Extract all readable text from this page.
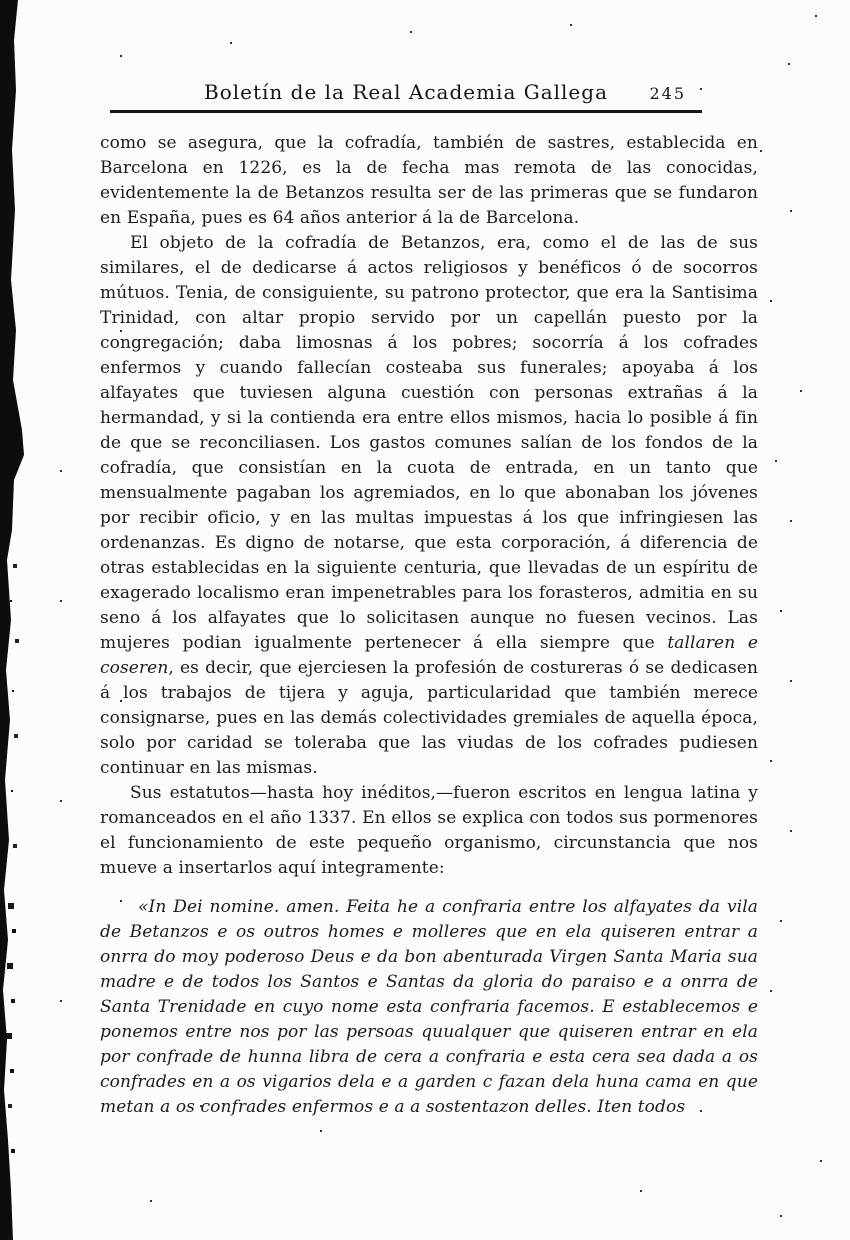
Boletín de la Real Academia Gallega	245

como se asegura, que la cofradía, también de sastres, establecida en Barcelona en 1226, es la de fecha mas remota de las conocidas, evidentemente la de Betanzos resulta ser de las primeras que se fundaron en España, pues es 64 años anterior á la de Barcelona.

El objeto de la cofradía de Betanzos, era, como el de las de sus similares, el de dedicarse á actos religiosos y benéficos ó de socorros mútuos. Tenia, de consiguiente, su patrono protector, que era la Santisima Trinidad, con altar propio servido por un capellán puesto por la congregación; daba limosnas á los pobres; socorría á los cofrades enfermos y cuando fallecían costeaba sus funerales; apoyaba á los alfayates que tuviesen alguna cuestión con personas extrañas á la hermandad, y si la contienda era entre ellos mismos, hacia lo posible á fin de que se reconciliasen. Los gastos comunes salían de los fondos de la cofradía, que consistían en la cuota de entrada, en un tanto que mensualmente pagaban los agremiados, en lo que abonaban los jóvenes por recibir oficio, y en las multas impuestas á los que infringiesen las ordenanzas. Es digno de notarse, que esta corporación, á diferencia de otras establecidas en la siguiente centuria, que llevadas de un espíritu de exagerado localismo eran impenetrables para los forasteros, admitia en su seno á los alfayates que lo solicitasen aunque no fuesen vecinos. Las mujeres podian igualmente pertenecer á ella siempre que tallaren e coseren, es decir, que ejerciesen la profesión de costureras ó se dedicasen á los trabajos de tijera y aguja, particularidad que también merece consignarse, pues en las demás colectividades gremiales de aquella época, solo por caridad se toleraba que las viudas de los cofrades pudiesen continuar en las mismas.

Sus estatutos—hasta hoy inéditos,—fueron escritos en lengua latina y romanceados en el año 1337. En ellos se explica con todos sus pormenores el funcionamiento de este pequeño organismo, circunstancia que nos mueve a insertarlos aquí integramente:

«In Dei nomine. amen. Feita he a confraria entre los alfayates da vila de Betanzos e os outros homes e molleres que en ela quiseren entrar a onrra do moy poderoso Deus e da bon abenturada Virgen Santa Maria sua madre e de todos los Santos e Santas da gloria do paraiso e a onrra de Santa Trenidade en cuyo nome esta confraria facemos. E establecemos e ponemos entre nos por las persoas quualquer que quiseren entrar en ela por confrade de hunna libra de cera a confraria e esta cera sea dada a os confrades en a os vigarios dela e a garden c fazan dela huna cama en que metan a os confrades enfermos e a a sostentazon delles. Iten todos
